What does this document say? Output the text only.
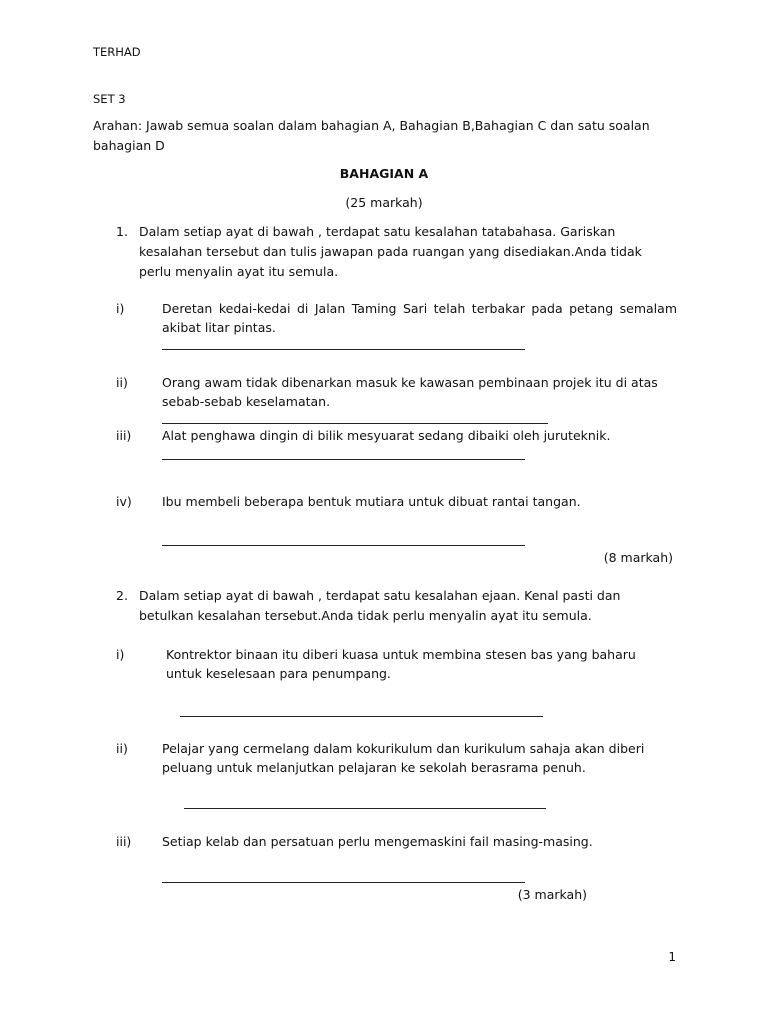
TERHAD
SET 3
Arahan: Jawab semua soalan dalam bahagian A, Bahagian B,Bahagian C dan satu soalan bahagian D
BAHAGIAN A
(25 markah)
1. Dalam setiap ayat di bawah , terdapat satu kesalahan tatabahasa. Gariskan kesalahan tersebut dan tulis jawapan pada ruangan yang disediakan.Anda tidak perlu menyalin ayat itu semula.
i)	Deretan kedai-kedai di Jalan Taming Sari telah terbakar pada petang semalam akibat litar pintas.
ii)	Orang awam tidak dibenarkan masuk ke kawasan pembinaan projek itu di atas sebab-sebab keselamatan.
iii) Alat penghawa dingin di bilik mesyuarat sedang dibaiki oleh juruteknik.
iv) Ibu membeli beberapa bentuk mutiara untuk dibuat rantai tangan.
(8 markah)
2. Dalam setiap ayat di bawah , terdapat satu kesalahan ejaan. Kenal pasti dan betulkan kesalahan tersebut.Anda tidak perlu menyalin ayat itu semula.
i)	Kontrektor binaan itu diberi kuasa untuk membina stesen bas yang baharu untuk keselesaan para penumpang.
ii)	Pelajar yang cermelang dalam kokurikulum dan kurikulum sahaja akan diberi peluang untuk melanjutkan pelajaran ke sekolah berasrama penuh.
iii) Setiap kelab dan persatuan perlu mengemaskini fail masing-masing.
(3 markah)
1
